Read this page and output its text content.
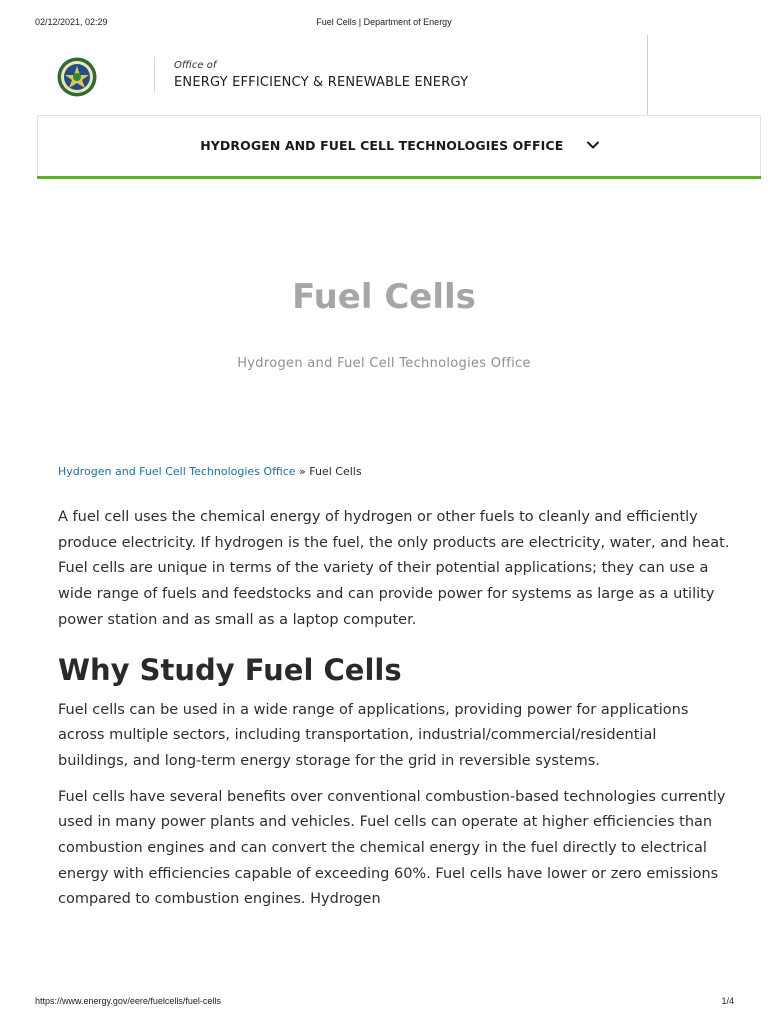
02/12/2021, 02:29	Fuel Cells | Department of Energy
Office of
ENERGY EFFICIENCY & RENEWABLE ENERGY
HYDROGEN AND FUEL CELL TECHNOLOGIES OFFICE
Fuel Cells
Hydrogen and Fuel Cell Technologies Office
Hydrogen and Fuel Cell Technologies Office » Fuel Cells

A fuel cell uses the chemical energy of hydrogen or other fuels to cleanly and efficiently produce electricity. If hydrogen is the fuel, the only products are electricity, water, and heat. Fuel cells are unique in terms of the variety of their potential applications; they can use a wide range of fuels and feedstocks and can provide power for systems as large as a utility power station and as small as a laptop computer.

Why Study Fuel Cells

Fuel cells can be used in a wide range of applications, providing power for applications across multiple sectors, including transportation, industrial/commercial/residential buildings, and long-term energy storage for the grid in reversible systems.

Fuel cells have several benefits over conventional combustion-based technologies currently used in many power plants and vehicles. Fuel cells can operate at higher efficiencies than combustion engines and can convert the chemical energy in the fuel directly to electrical energy with efficiencies capable of exceeding 60%. Fuel cells have lower or zero emissions compared to combustion engines. Hydrogen

https://www.energy.gov/eere/fuelcells/fuel-cells	1/4
